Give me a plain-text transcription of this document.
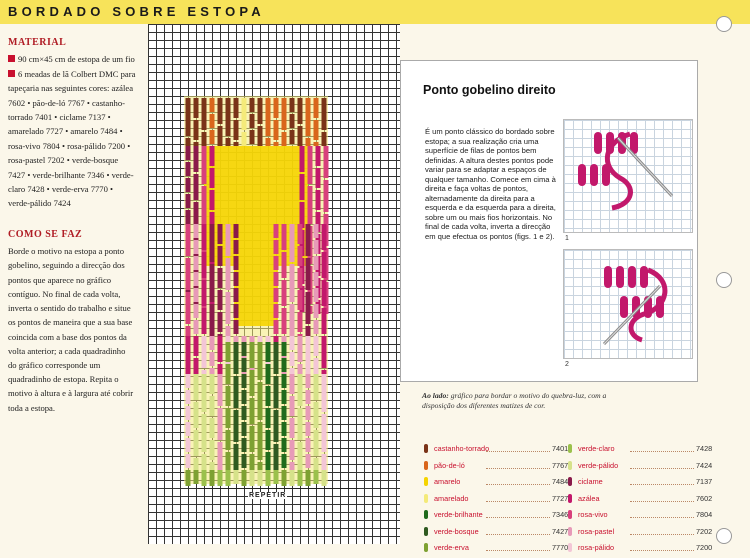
BORDADO SOBRE ESTOPA
MATERIAL
90 cm×45 cm de estopa de um fio
6 meadas de lã Colbert DMC para tapeçaria nas seguintes cores: azálea 7602 • pão-de-ló 7767 • castanho-torrado 7401 • ciclame 7137 • amarelado 7727 • amarelo 7484 • rosa-vivo 7804 • rosa-pálido 7200 • rosa-pastel 7202 • verde-bosque 7427 • verde-brilhante 7346 • verde-claro 7428 • verde-erva 7770 • verde-pálido 7424
COMO SE FAZ
Borde o motivo na estopa a ponto gobelino, seguindo a direcção dos pontos que aparece no gráfico contíguo. No final de cada volta, inverta o sentido do trabalho e situe os pontos de maneira que a sua base coincida com a base dos pontos da volta anterior; a cada quadradinho do gráfico corresponde um quadradinho de estopa. Repita o motivo à altura e à largura até cobrir toda a estopa.
REPETIR
Ponto gobelino direito
É um ponto clássico do bordado sobre estopa; a sua realização cria uma superfície de filas de pontos bem definidas. A altura destes pontos pode variar para se adaptar a espaços de qualquer tamanho. Comece em cima à direita e faça voltas de pontos, alternadamente da direita para a esquerda e da esquerda para a direita, sobre um ou mais fios horizontais. No final de cada volta, inverta a direcção em que efectua os pontos (figs. 1 e 2).	1
2
Ao lado: gráfico para bordar o motivo do quebra-luz, com a disposição dos diferentes matizes de cor.
castanho-torrado	7401
pão-de-ló	7767
amarelo	7484
amarelado	7727
verde-brilhante	7346
verde-bosque	7427
verde-erva	7770
verde-claro	7428
verde-pálido	7424
ciclame	7137
azálea	7602
rosa-vivo	7804
rosa-pastel	7202
rosa-pálido	7200
